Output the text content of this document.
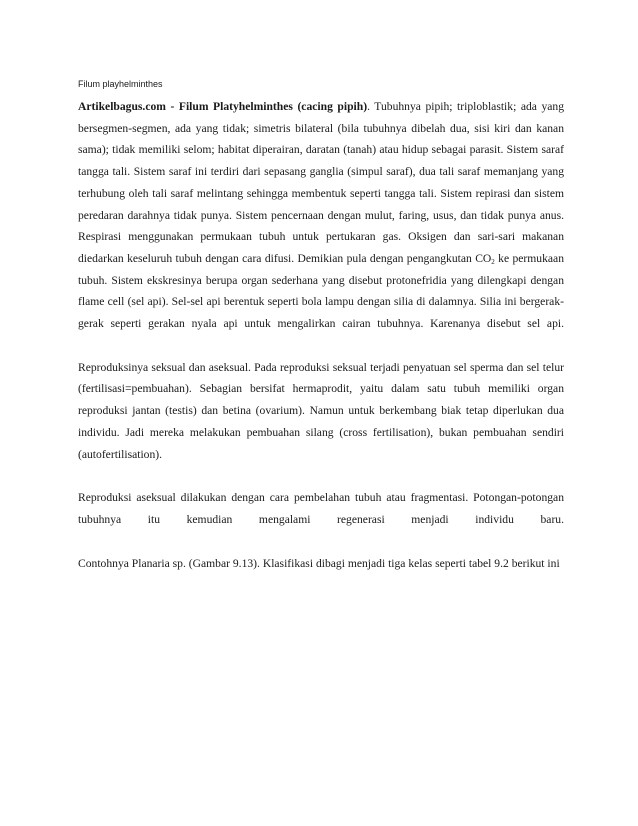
Filum playhelminthes

Artikelbagus.com - Filum Platyhelminthes (cacing pipih). Tubuhnya pipih; triploblastik; ada yang bersegmen-segmen, ada yang tidak; simetris bilateral (bila tubuhnya dibelah dua, sisi kiri dan kanan sama); tidak memiliki selom; habitat diperairan, daratan (tanah) atau hidup sebagai parasit. Sistem saraf tangga tali. Sistem saraf ini terdiri dari sepasang ganglia (simpul saraf), dua tali saraf memanjang yang terhubung oleh tali saraf melintang sehingga membentuk seperti tangga tali. Sistem repirasi dan sistem peredaran darahnya tidak punya. Sistem pencernaan dengan mulut, faring, usus, dan tidak punya anus. Respirasi menggunakan permukaan tubuh untuk pertukaran gas. Oksigen dan sari-sari makanan diedarkan keseluruh tubuh dengan cara difusi. Demikian pula dengan pengangkutan $CO_2$ ke permukaan tubuh. Sistem ekskresinya berupa organ sederhana yang disebut protonefridia yang dilengkapi dengan flame cell (sel api). Sel-sel api berentuk seperti bola lampu dengan silia di dalamnya. Silia ini bergerak-gerak seperti gerakan nyala api untuk mengalirkan cairan tubuhnya. Karenanya disebut sel api.

Reproduksinya seksual dan aseksual. Pada reproduksi seksual terjadi penyatuan sel sperma dan sel telur (fertilisasi=pembuahan). Sebagian bersifat hermaprodit, yaitu dalam satu tubuh memiliki organ reproduksi jantan (testis) dan betina (ovarium). Namun untuk berkembang biak tetap diperlukan dua individu. Jadi mereka melakukan pembuahan silang (cross fertilisation), bukan pembuahan sendiri (autofertilisation).

Reproduksi aseksual dilakukan dengan cara pembelahan tubuh atau fragmentasi. Potongan-potongan tubuhnya itu kemudian mengalami regenerasi menjadi individu baru.

Contohnya Planaria sp. (Gambar 9.13). Klasifikasi dibagi menjadi tiga kelas seperti tabel 9.2 berikut ini
